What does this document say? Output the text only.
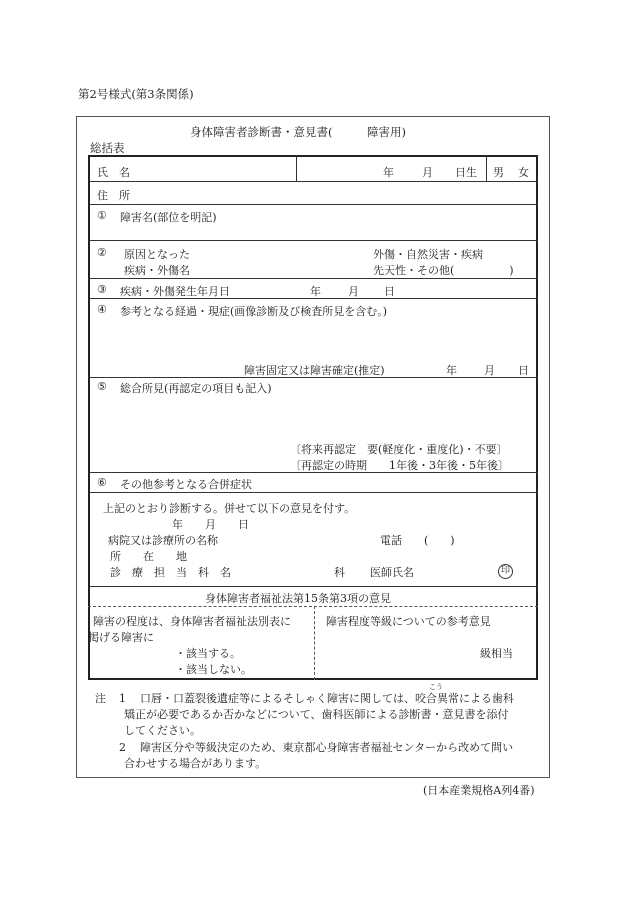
第2号様式(第3条関係)
身体障害者診断書・意見書(　　　障害用)
総括表
氏　名	年	月 日生 男 女
住　所
① 障害名(部位を明記)
② 原因となった
疾病・外傷名
外傷・自然災害・疾病
先天性・その他(　　　　　)
③ 疾病・外傷発生年月日	年 月 日
④ 参考となる経過・現症(画像診断及び検査所見を含む。)
障害固定又は障害確定(推定)	年 月 日
⑤ 総合所見(再認定の項目も記入)
〔将来再認定　要(軽度化・重度化)・不要〕
〔再認定の時期　　1年後・3年後・5年後〕
⑥ その他参考となる合併症状
上記のとおり診断する。併せて以下の意見を付す。
年　　月　　日
病院又は診療所の名称	電話　　(　　)
所　　在　　地
診　療　担　当　科　名	科 医師氏名	印
身体障害者福祉法第15条第3項の意見
障害の程度は、身体障害者福祉法別表に
掲げる障害に
・該当する。
・該当しない。
障害程度等級についての参考意見
級相当
注 1
こう
口唇・口蓋裂後遺症等によるそしゃく障害に関しては、咬合異常による歯科
矯正が必要であるか否かなどについて、歯科医師による診断書・意見書を添付
してください。
2 障害区分や等級決定のため、東京都心身障害者福祉センターから改めて問い
合わせする場合があります。
(日本産業規格A列4番)
